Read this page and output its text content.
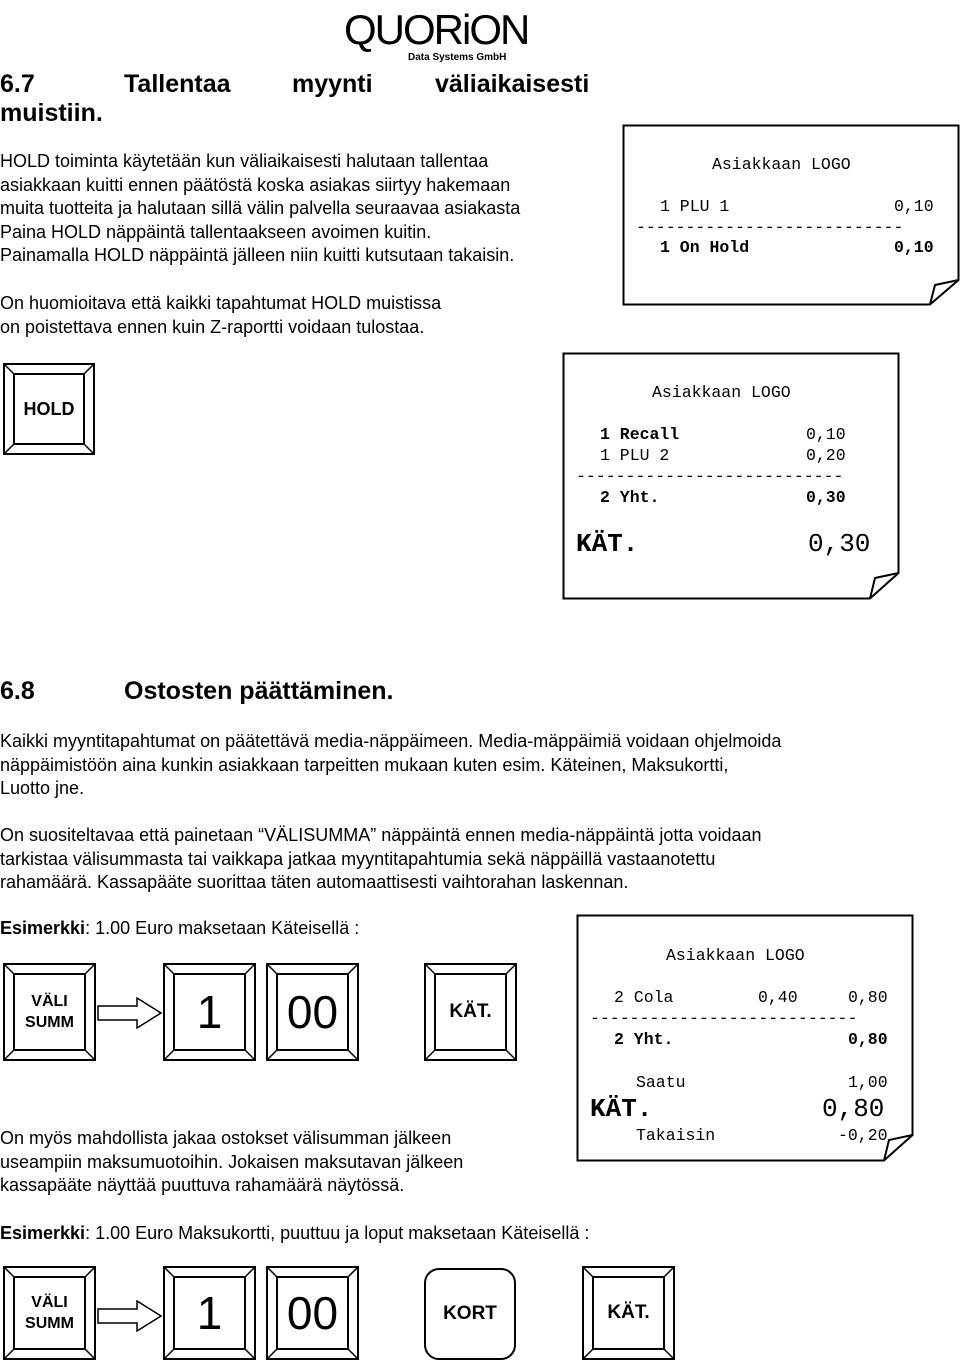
QUORiON
Data Systems GmbH
6.7	Tallentaa myynti väliaikaisesti
muistiin.
HOLD toiminta käytetään kun väliaikaisesti halutaan tallentaa
asiakkaan kuitti ennen päätöstä koska asiakas siirtyy hakemaan
muita tuotteita ja halutaan sillä välin palvella seuraavaa asiakasta
Paina HOLD näppäintä tallentaakseen avoimen kuitin.
Painamalla HOLD näppäintä jälleen niin kuitti kutsutaan takaisin.
On huomioitava että kaikki tapahtumat HOLD muistissa
on poistettava ennen kuin Z-raportti voidaan tulostaa.
Asiakkaan LOGO
1 PLU 1	0,10
---------------------------
1 On Hold	0,10
HOLD
Asiakkaan LOGO
1 Recall	0,10
1 PLU 2	0,20
---------------------------
2 Yht.	0,30
KÄT.	0,30
6.8	Ostosten päättäminen.
Kaikki myyntitapahtumat on päätettävä media-näppäimeen. Media-mäppäimiä voidaan ohjelmoida
näppäimistöön aina kunkin asiakkaan tarpeitten mukaan kuten esim. Käteinen, Maksukortti,
Luotto jne.
On suositeltavaa että painetaan “VÄLISUMMA” näppäintä ennen media-näppäintä jotta voidaan
tarkistaa välisummasta tai vaikkapa jatkaa myyntitapahtumia sekä näppäillä vastaanotettu
rahamäärä. Kassapääte suorittaa täten automaattisesti vaihtorahan laskennan.
Esimerkki: 1.00 Euro maksetaan Käteisellä :
VÄLI
SUMM	1	00	KÄT.
Asiakkaan LOGO
2 Cola	0,40	0,80
---------------------------
2 Yht.	0,80
Saatu	1,00
KÄT.	0,80
Takaisin	-0,20
On myös mahdollista jakaa ostokset välisumman jälkeen
useampiin maksumuotoihin. Jokaisen maksutavan jälkeen
kassapääte näyttää puuttuva rahamäärä näytössä.
Esimerkki: 1.00 Euro Maksukortti, puuttuu ja loput maksetaan Käteisellä :
VÄLI
SUMM	1	00	KORT	KÄT.
